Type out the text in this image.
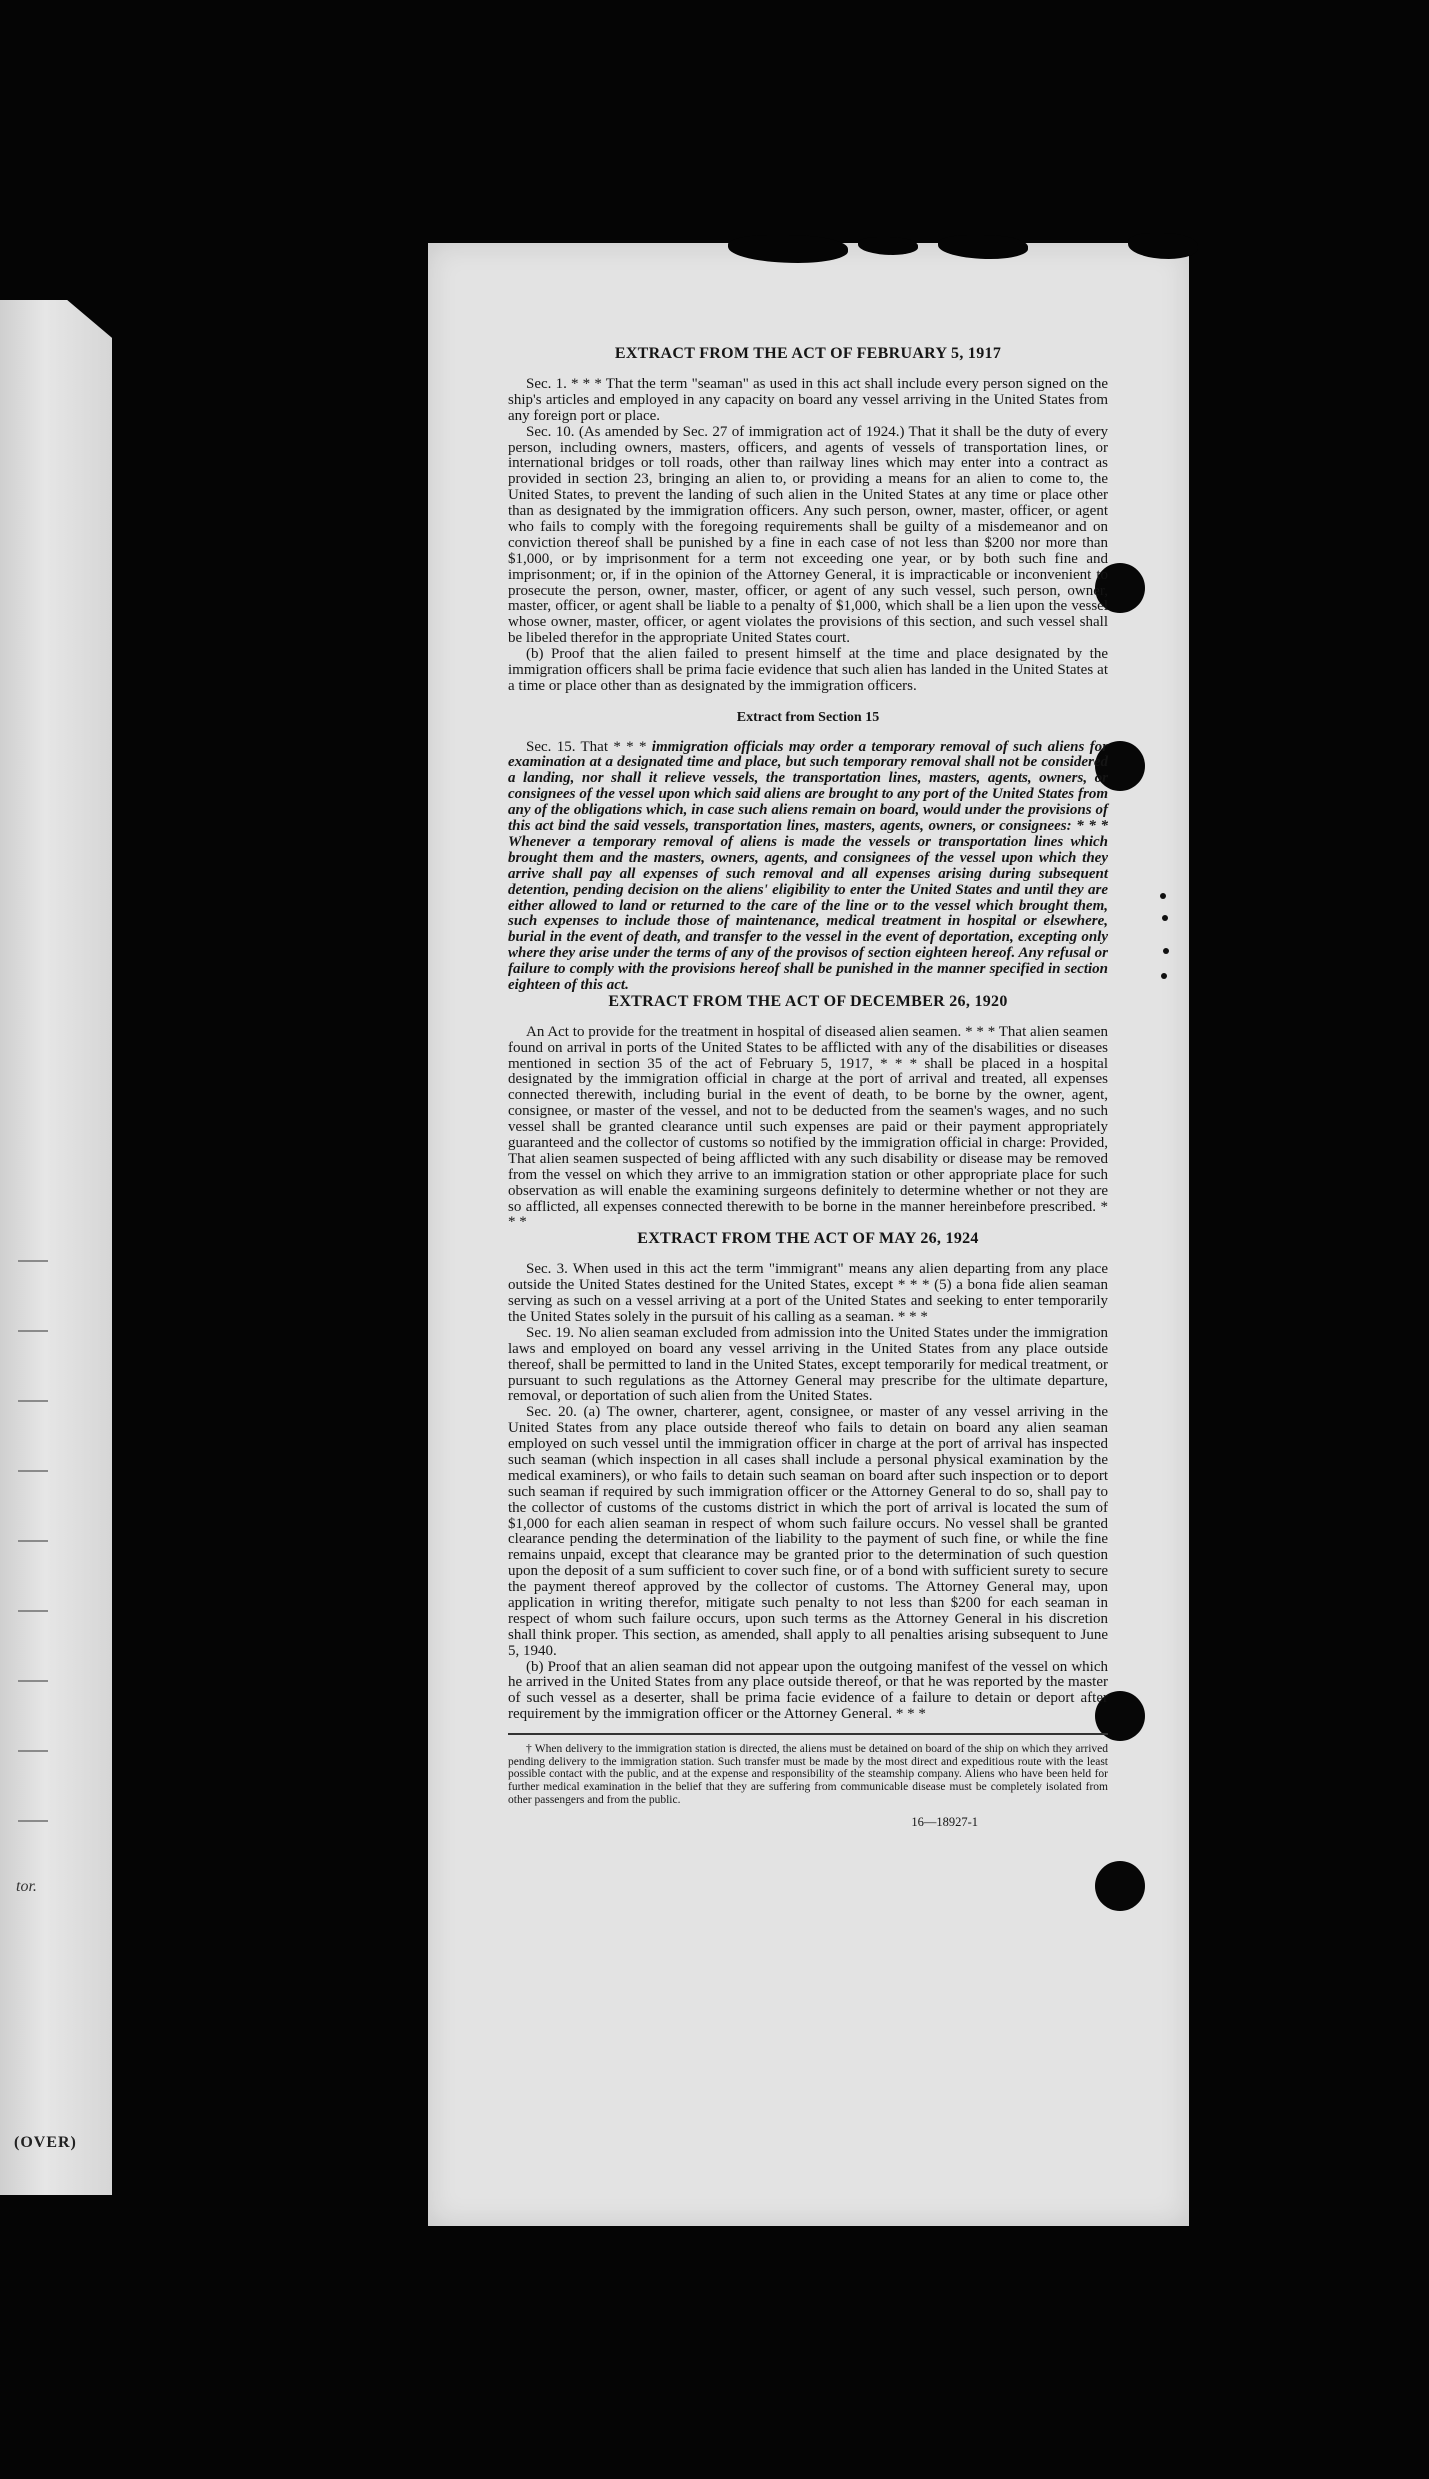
tor.
(OVER)
EXTRACT FROM THE ACT OF FEBRUARY 5, 1917

Sec. 1. * * * That the term "seaman" as used in this act shall include every person signed on the ship's articles and employed in any capacity on board any vessel arriving in the United States from any foreign port or place.

Sec. 10. (As amended by Sec. 27 of immigration act of 1924.) That it shall be the duty of every person, including owners, masters, officers, and agents of vessels of transportation lines, or international bridges or toll roads, other than railway lines which may enter into a contract as provided in section 23, bringing an alien to, or providing a means for an alien to come to, the United States, to prevent the landing of such alien in the United States at any time or place other than as designated by the immigration officers. Any such person, owner, master, officer, or agent who fails to comply with the foregoing requirements shall be guilty of a misdemeanor and on conviction thereof shall be punished by a fine in each case of not less than $200 nor more than $1,000, or by imprisonment for a term not exceeding one year, or by both such fine and imprisonment; or, if in the opinion of the Attorney General, it is impracticable or inconvenient to prosecute the person, owner, master, officer, or agent of any such vessel, such person, owner, master, officer, or agent shall be liable to a penalty of $1,000, which shall be a lien upon the vessel whose owner, master, officer, or agent violates the provisions of this section, and such vessel shall be libeled therefor in the appropriate United States court.

(b) Proof that the alien failed to present himself at the time and place designated by the immigration officers shall be prima facie evidence that such alien has landed in the United States at a time or place other than as designated by the immigration officers.

Extract from Section 15

Sec. 15. That * * * immigration officials may order a temporary removal of such aliens for examination at a designated time and place, but such temporary removal shall not be considered a landing, nor shall it relieve vessels, the transportation lines, masters, agents, owners, or consignees of the vessel upon which said aliens are brought to any port of the United States from any of the obligations which, in case such aliens remain on board, would under the provisions of this act bind the said vessels, transportation lines, masters, agents, owners, or consignees: * * * Whenever a temporary removal of aliens is made the vessels or transportation lines which brought them and the masters, owners, agents, and consignees of the vessel upon which they arrive shall pay all expenses of such removal and all expenses arising during subsequent detention, pending decision on the aliens' eligibility to enter the United States and until they are either allowed to land or returned to the care of the line or to the vessel which brought them, such expenses to include those of maintenance, medical treatment in hospital or elsewhere, burial in the event of death, and transfer to the vessel in the event of deportation, excepting only where they arise under the terms of any of the provisos of section eighteen hereof. Any refusal or failure to comply with the provisions hereof shall be punished in the manner specified in section eighteen of this act.

EXTRACT FROM THE ACT OF DECEMBER 26, 1920

An Act to provide for the treatment in hospital of diseased alien seamen. * * * That alien seamen found on arrival in ports of the United States to be afflicted with any of the disabilities or diseases mentioned in section 35 of the act of February 5, 1917, * * * shall be placed in a hospital designated by the immigration official in charge at the port of arrival and treated, all expenses connected therewith, including burial in the event of death, to be borne by the owner, agent, consignee, or master of the vessel, and not to be deducted from the seamen's wages, and no such vessel shall be granted clearance until such expenses are paid or their payment appropriately guaranteed and the collector of customs so notified by the immigration official in charge: Provided, That alien seamen suspected of being afflicted with any such disability or disease may be removed from the vessel on which they arrive to an immigration station or other appropriate place for such observation as will enable the examining surgeons definitely to determine whether or not they are so afflicted, all expenses connected therewith to be borne in the manner hereinbefore prescribed. * * *

EXTRACT FROM THE ACT OF MAY 26, 1924

Sec. 3. When used in this act the term "immigrant" means any alien departing from any place outside the United States destined for the United States, except * * * (5) a bona fide alien seaman serving as such on a vessel arriving at a port of the United States and seeking to enter temporarily the United States solely in the pursuit of his calling as a seaman. * * *

Sec. 19. No alien seaman excluded from admission into the United States under the immigration laws and employed on board any vessel arriving in the United States from any place outside thereof, shall be permitted to land in the United States, except temporarily for medical treatment, or pursuant to such regulations as the Attorney General may prescribe for the ultimate departure, removal, or deportation of such alien from the United States.

Sec. 20. (a) The owner, charterer, agent, consignee, or master of any vessel arriving in the United States from any place outside thereof who fails to detain on board any alien seaman employed on such vessel until the immigration officer in charge at the port of arrival has inspected such seaman (which inspection in all cases shall include a personal physical examination by the medical examiners), or who fails to detain such seaman on board after such inspection or to deport such seaman if required by such immigration officer or the Attorney General to do so, shall pay to the collector of customs of the customs district in which the port of arrival is located the sum of $1,000 for each alien seaman in respect of whom such failure occurs. No vessel shall be granted clearance pending the determination of the liability to the payment of such fine, or while the fine remains unpaid, except that clearance may be granted prior to the determination of such question upon the deposit of a sum sufficient to cover such fine, or of a bond with sufficient surety to secure the payment thereof approved by the collector of customs. The Attorney General may, upon application in writing therefor, mitigate such penalty to not less than $200 for each seaman in respect of whom such failure occurs, upon such terms as the Attorney General in his discretion shall think proper. This section, as amended, shall apply to all penalties arising subsequent to June 5, 1940.

(b) Proof that an alien seaman did not appear upon the outgoing manifest of the vessel on which he arrived in the United States from any place outside thereof, or that he was reported by the master of such vessel as a deserter, shall be prima facie evidence of a failure to detain or deport after requirement by the immigration officer or the Attorney General. * * *

† When delivery to the immigration station is directed, the aliens must be detained on board of the ship on which they arrived pending delivery to the immigration station. Such transfer must be made by the most direct and expeditious route with the least possible contact with the public, and at the expense and responsibility of the steamship company. Aliens who have been held for further medical examination in the belief that they are suffering from communicable disease must be completely isolated from other passengers and from the public.

16—18927-1
